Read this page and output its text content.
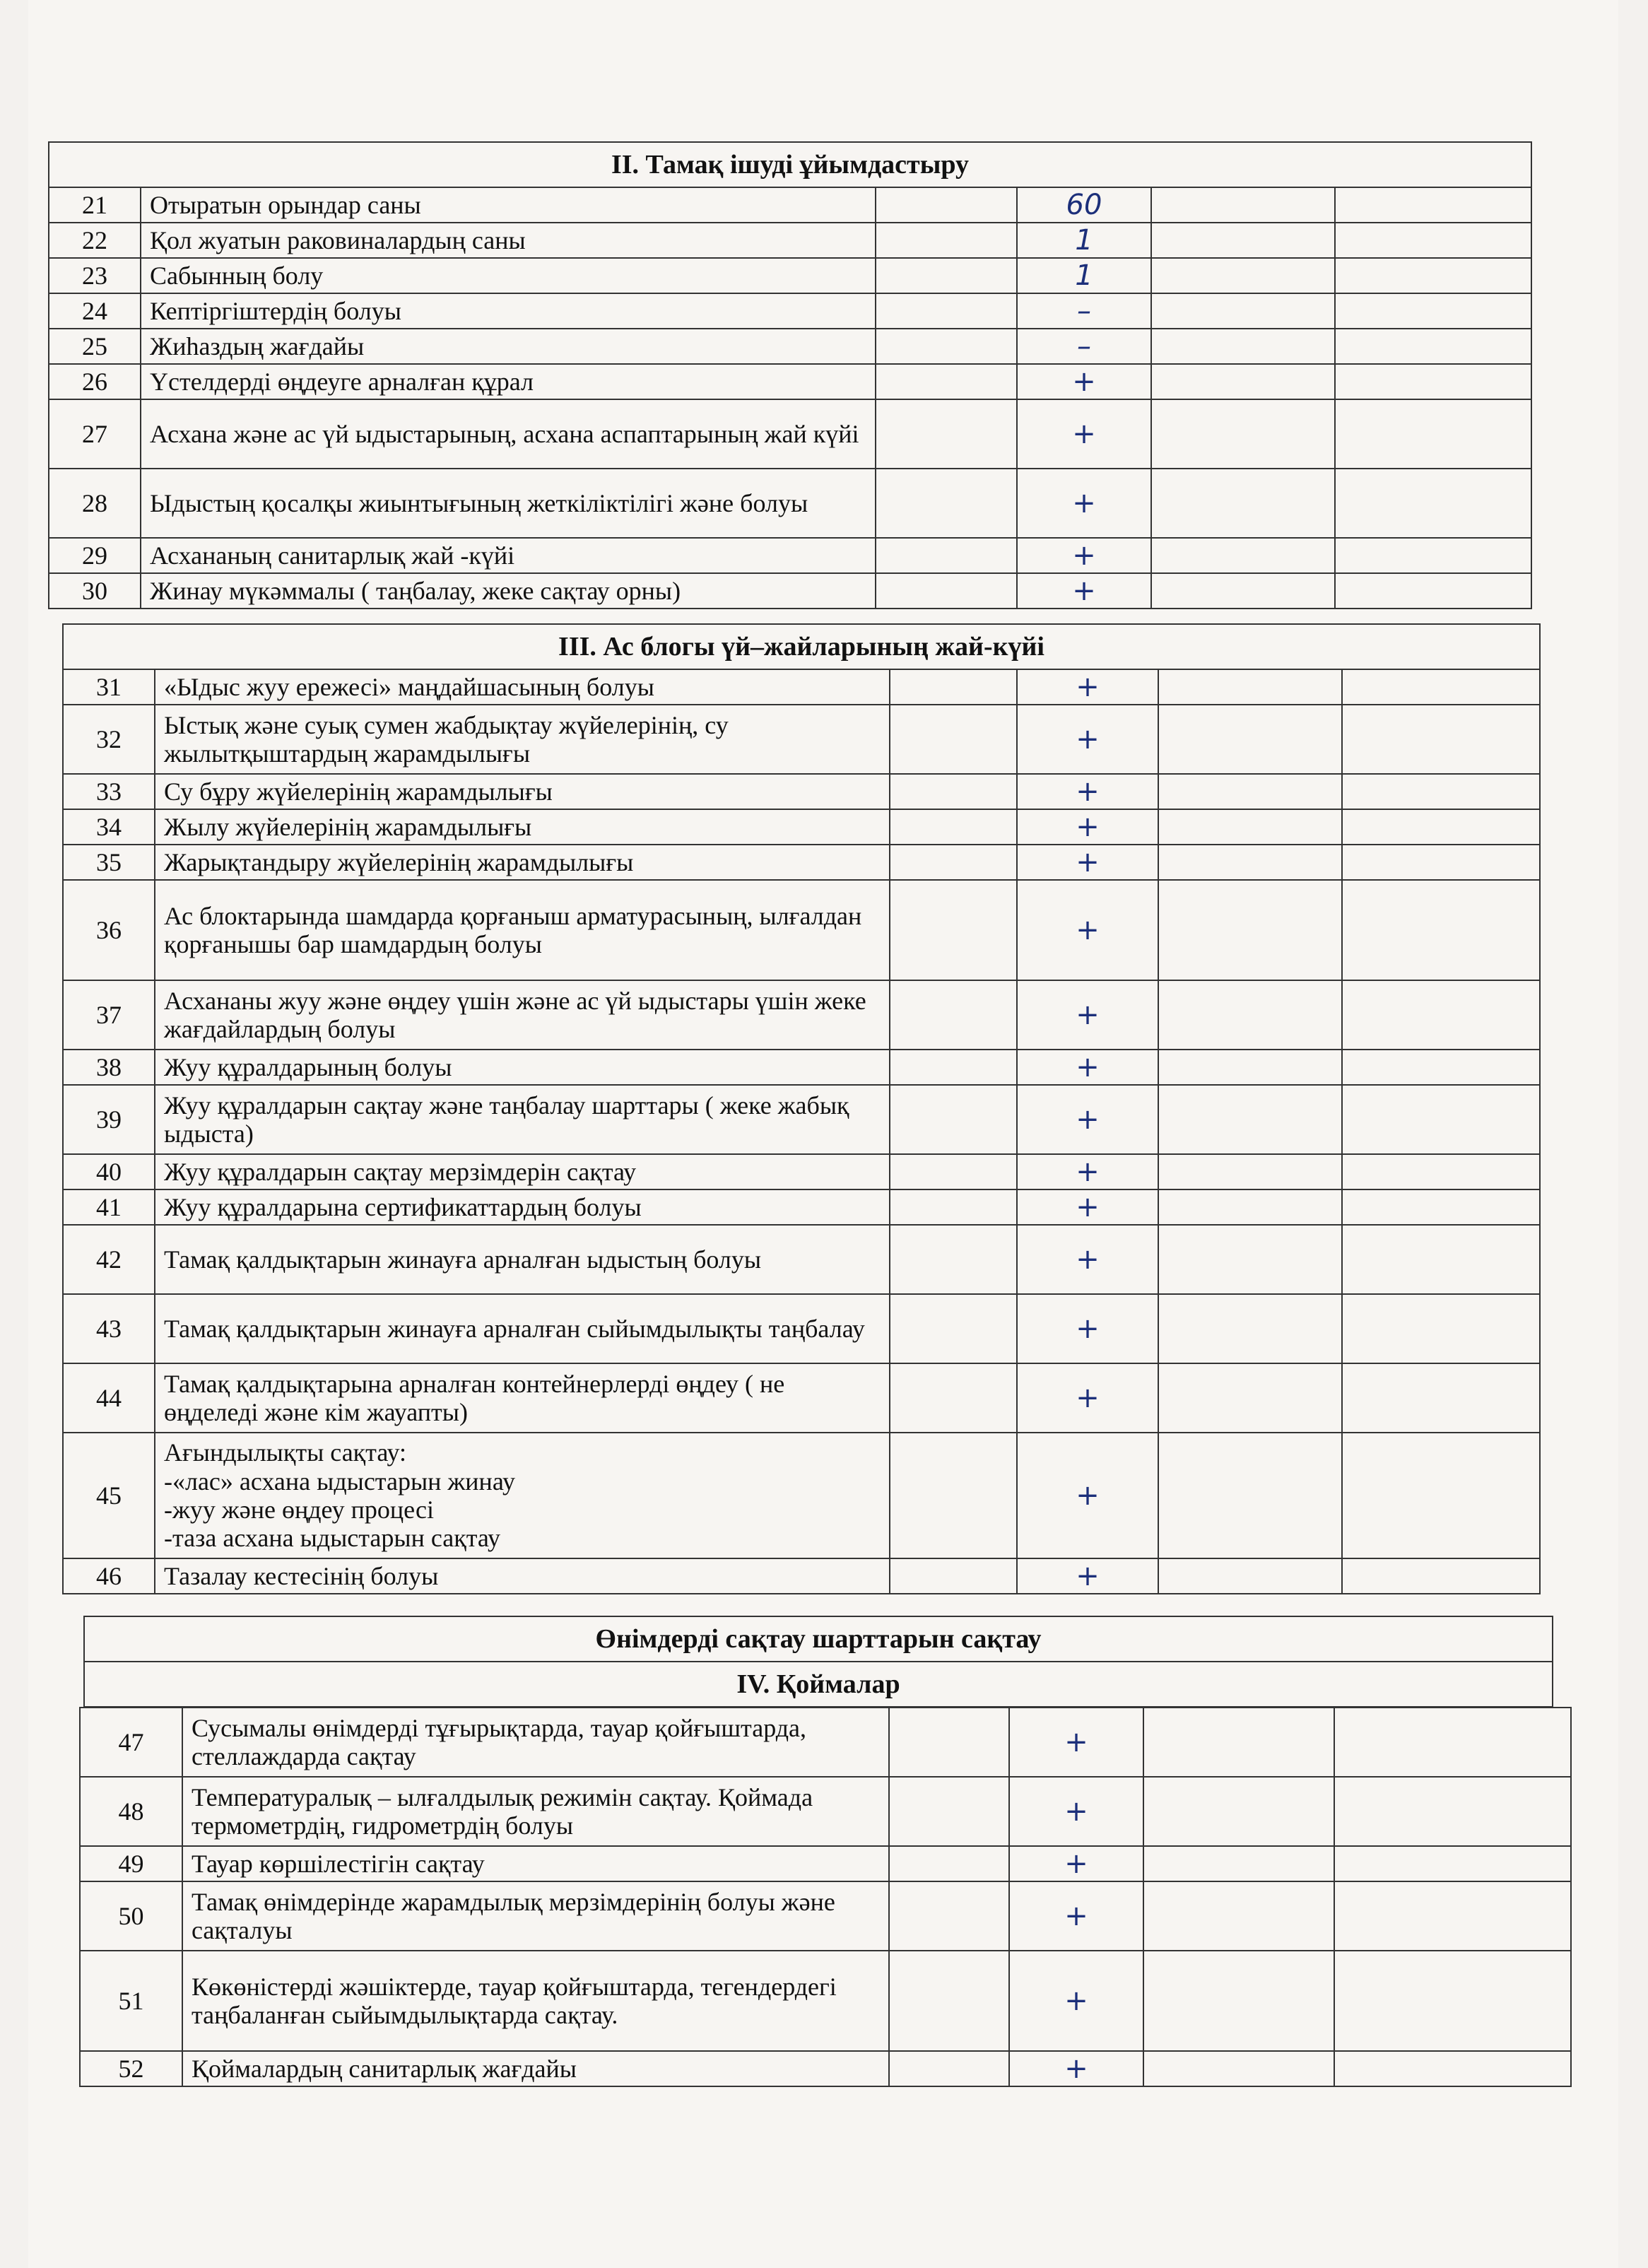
II. Тамақ ішуді ұйымдастыру					
21	Отыратын орындар саны		60		
22	Қол жуатын раковиналардың саны		1		
23	Сабынның болу		1		
24	Кептіргіштердің болуы		–		
25	Жиһаздың жағдайы		–		
26	Үстелдерді өңдеуге арналған құрал		+		
27	Асхана және ас үй ыдыстарының, асхана аспаптарының жай күйі		+		
28	Ыдыстың қосалқы жиынтығының жеткіліктілігі және болуы		+		
29	Асхананың санитарлық жай -күйі		+		
30	Жинау мүкәммалы ( таңбалау, жеке сақтау орны)		+		
III. Ас блогы үй–жайларының жай-күйі					
31	«Ыдыс жуу ережесі» маңдайшасының болуы		+		
32	Ыстық және суық сумен жабдықтау жүйелерінің, су жылытқыштардың жарамдылығы		+		
33	Су бұру жүйелерінің жарамдылығы		+		
34	Жылу жүйелерінің жарамдылығы		+		
35	Жарықтандыру жүйелерінің жарамдылығы		+		
36	Ас блоктарында шамдарда қорғаныш арматурасының, ылғалдан қорғанышы бар шамдардың болуы		+		
37	Асхананы жуу және өңдеу үшін және ас үй ыдыстары үшін жеке жағдайлардың болуы		+		
38	Жуу құралдарының болуы		+		
39	Жуу құралдарын сақтау және таңбалау шарттары ( жеке жабық ыдыста)		+		
40	Жуу құралдарын сақтау мерзімдерін сақтау		+		
41	Жуу құралдарына сертификаттардың болуы		+		
42	Тамақ қалдықтарын жинауға арналған ыдыстың болуы		+		
43	Тамақ қалдықтарын жинауға арналған сыйымдылықты таңбалау		+		
44	Тамақ қалдықтарына арналған контейнерлерді өңдеу ( не өңделеді және кім жауапты)		+		
45	Ағындылықты сақтау:
-«лас» асхана ыдыстарын жинау
-жуу және өңдеу процесі
-таза асхана ыдыстарын сақтау		+		
46	Тазалау кестесінің болуы		+		
Өнімдерді сақтау шарттарын сақтау
IV. Қоймалар
47	Сусымалы өнімдерді тұғырықтарда, тауар қойғыштарда, стеллаждарда сақтау		+		
48	Температуралық – ылғалдылық режимін сақтау. Қоймада термометрдің, гидрометрдің болуы		+		
49	Тауар көршілестігін сақтау		+		
50	Тамақ өнімдерінде жарамдылық мерзімдерінің болуы және сақталуы		+		
51	Көкөністерді жәшіктерде, тауар қойғыштарда, тегендердегі таңбаланған сыйымдылықтарда сақтау.		+		
52	Қоймалардың санитарлық жағдайы		+		
